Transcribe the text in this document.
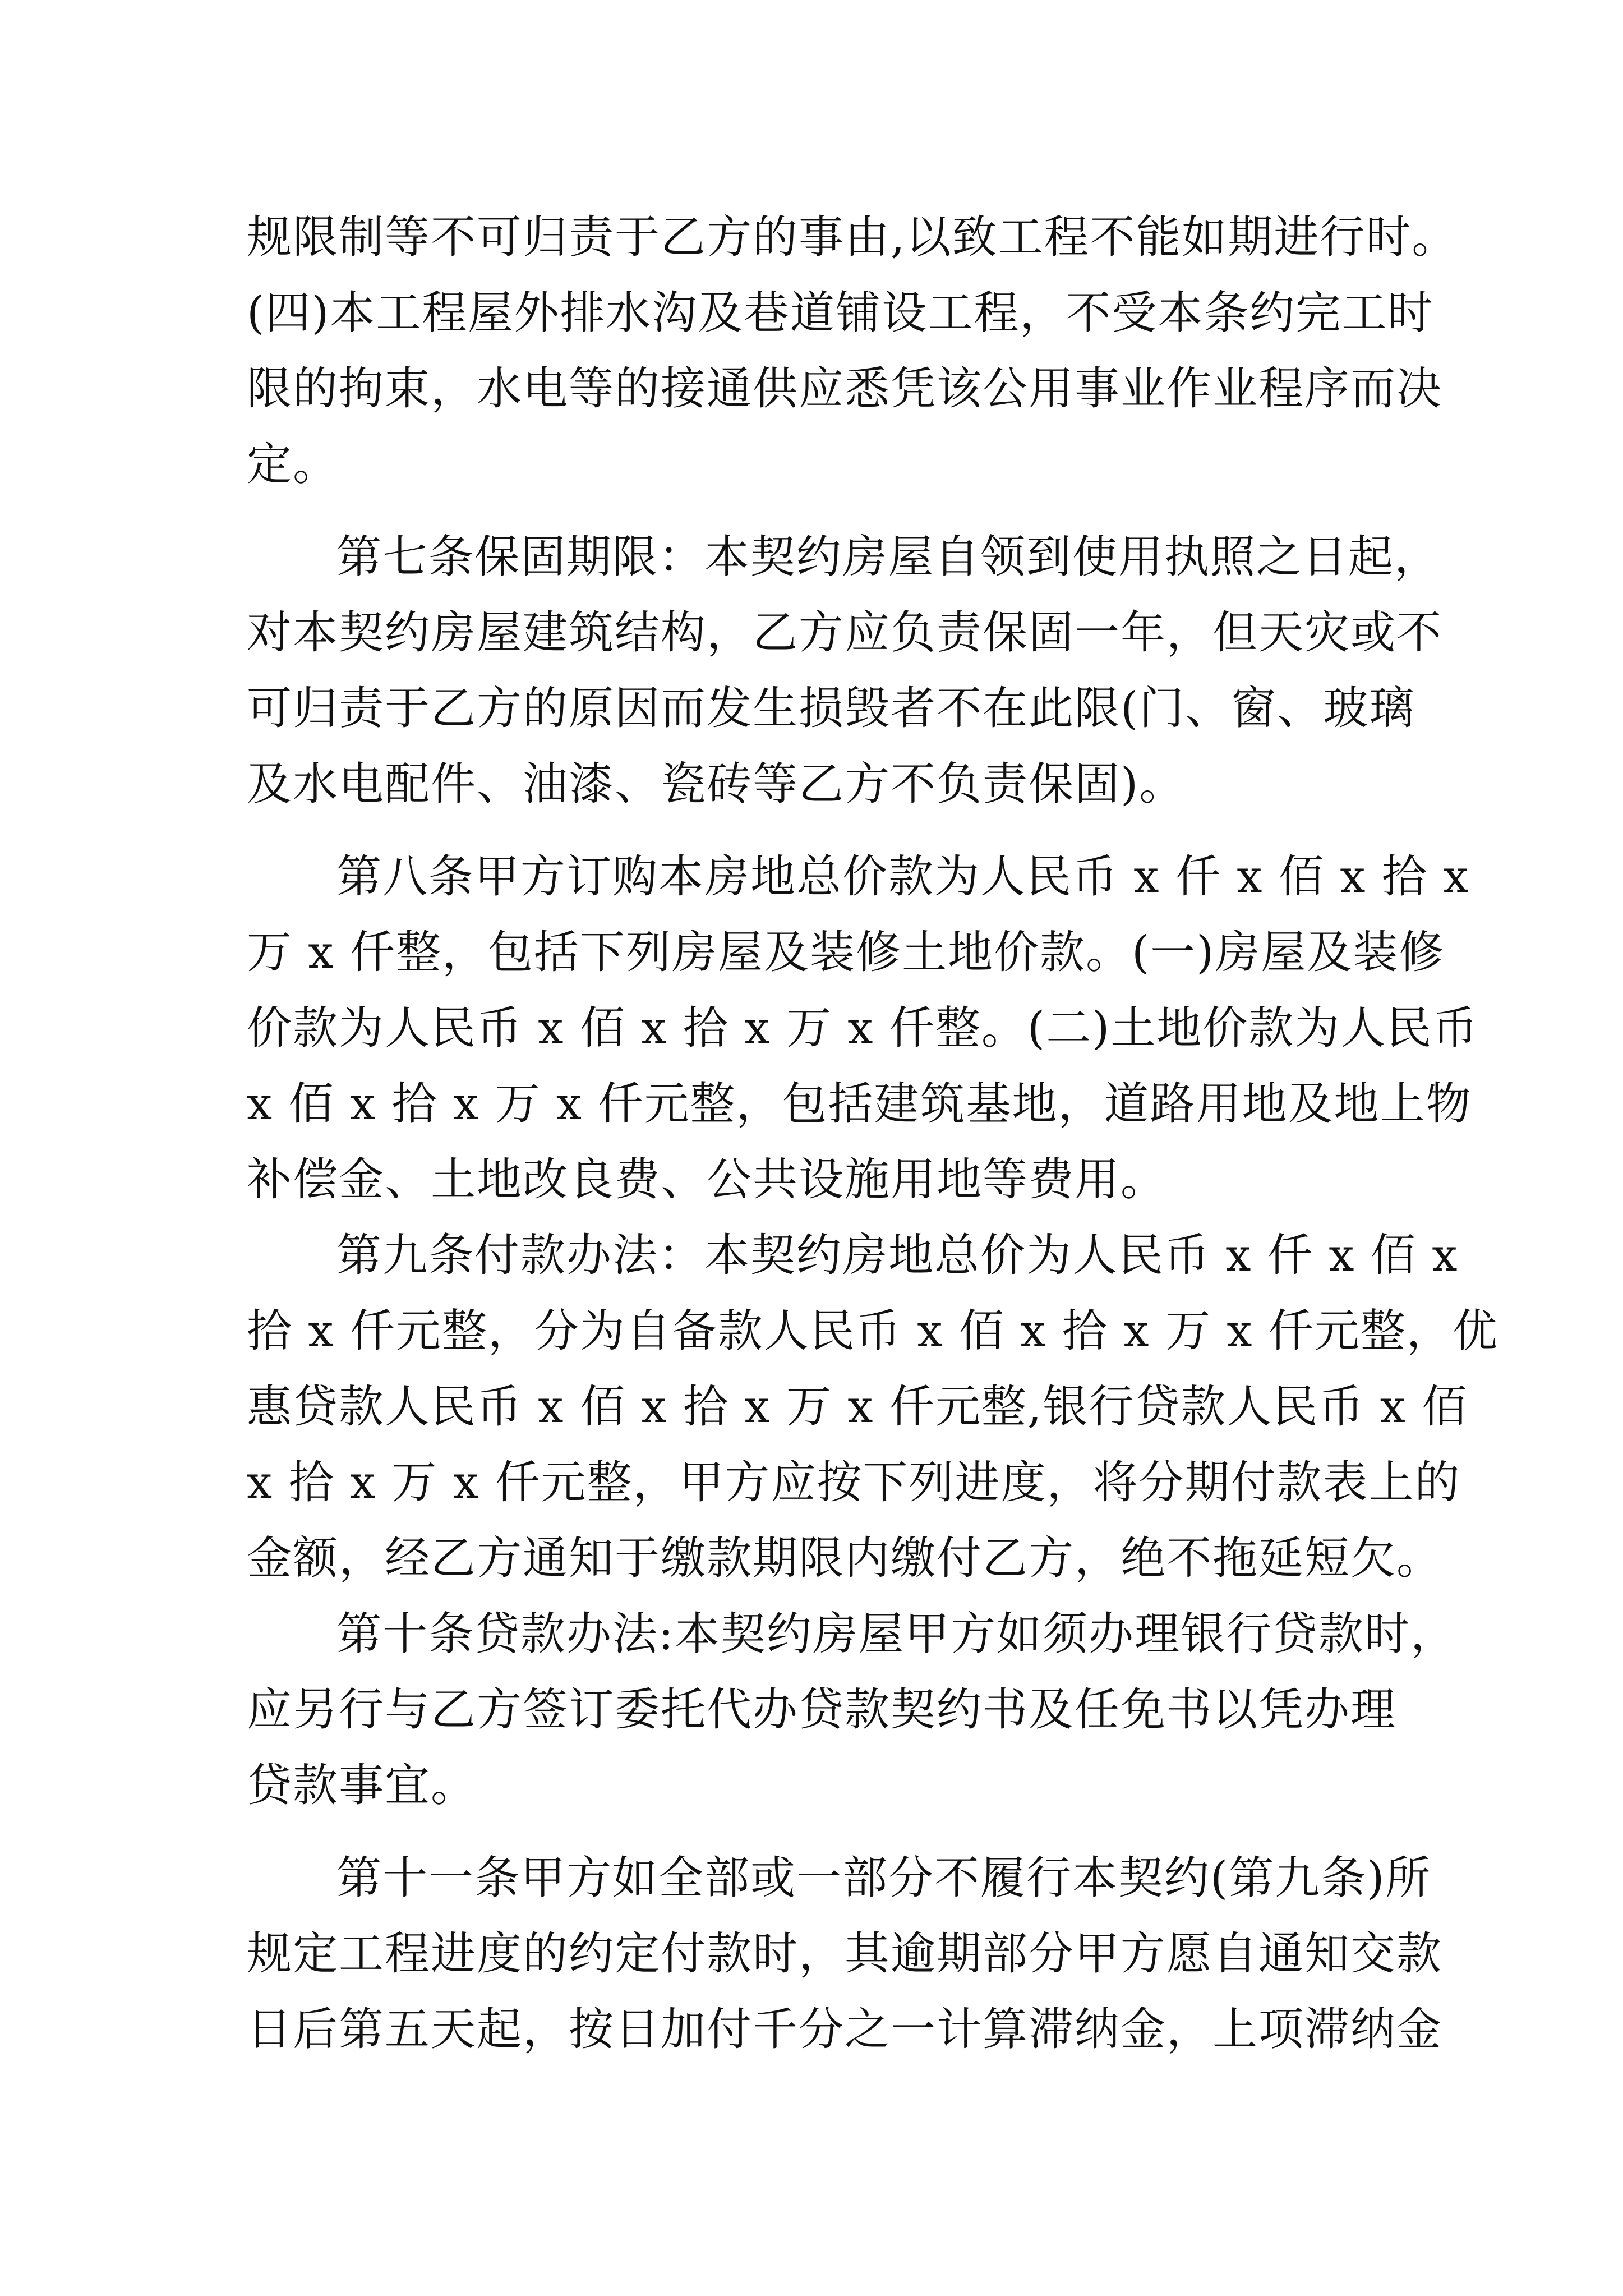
规限制等不可归责于乙方的事由,以致工程不能如期进行时。
(四)本工程屋外排水沟及巷道铺设工程，不受本条约完工时
限的拘束，水电等的接通供应悉凭该公用事业作业程序而决
定。
第七条保固期限：本契约房屋自领到使用执照之日起，
对本契约房屋建筑结构，乙方应负责保固一年，但天灾或不
可归责于乙方的原因而发生损毁者不在此限(门、窗、玻璃
及水电配件、油漆、瓷砖等乙方不负责保固)。
第八条甲方订购本房地总价款为人民币 x 仟 x 佰 x 拾 x
万 x 仟整，包括下列房屋及装修土地价款。(一)房屋及装修
价款为人民币 x 佰 x 拾 x 万 x 仟整。(二)土地价款为人民币
x 佰 x 拾 x 万 x 仟元整，包括建筑基地，道路用地及地上物
补偿金、土地改良费、公共设施用地等费用。
第九条付款办法：本契约房地总价为人民币 x 仟 x 佰 x
拾 x 仟元整，分为自备款人民币 x 佰 x 拾 x 万 x 仟元整，优
惠贷款人民币 x 佰 x 拾 x 万 x 仟元整,银行贷款人民币 x 佰
x 拾 x 万 x 仟元整，甲方应按下列进度，将分期付款表上的
金额，经乙方通知于缴款期限内缴付乙方，绝不拖延短欠。
第十条贷款办法:本契约房屋甲方如须办理银行贷款时，
应另行与乙方签订委托代办贷款契约书及任免书以凭办理
贷款事宜。
第十一条甲方如全部或一部分不履行本契约(第九条)所
规定工程进度的约定付款时，其逾期部分甲方愿自通知交款
日后第五天起，按日加付千分之一计算滞纳金，上项滞纳金
